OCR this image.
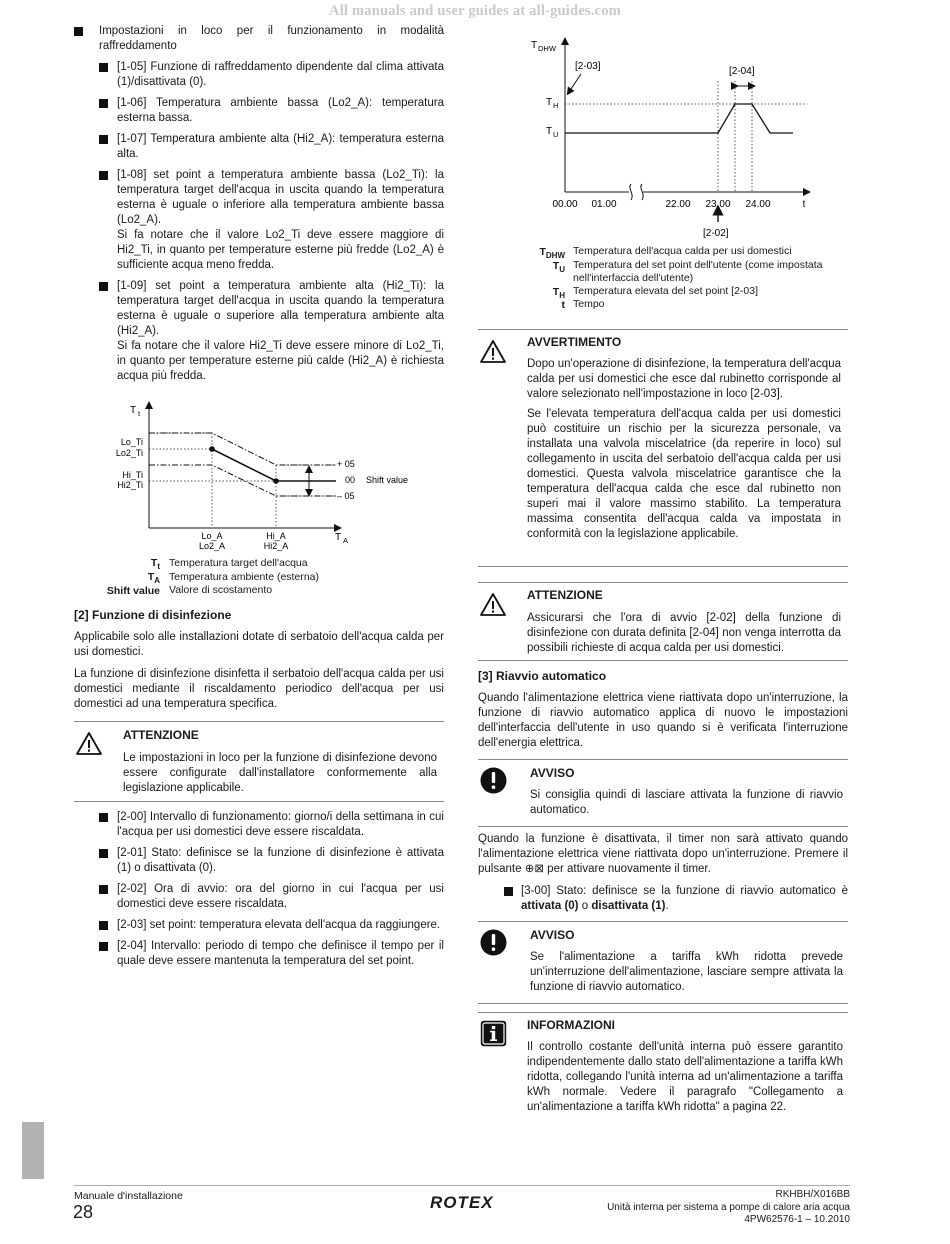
All manuals and user guides at all-guides.com
Impostazioni in loco per il funzionamento in modalità raffreddamento
[1-05] Funzione di raffreddamento dipendente dal clima attivata (1)/disattivata (0).
[1-06] Temperatura ambiente bassa (Lo2_A): temperatura esterna bassa.
[1-07] Temperatura ambiente alta (Hi2_A): temperatura esterna alta.
[1-08] set point a temperatura ambiente bassa (Lo2_Ti): la temperatura target dell'acqua in uscita quando la temperatura esterna è uguale o inferiore alla temperatura ambiente bassa (Lo2_A).
Si fa notare che il valore Lo2_Ti deve essere maggiore di Hi2_Ti, in quanto per temperature esterne più fredde (Lo2_A) è sufficiente acqua meno fredda.
[1-09] set point a temperatura ambiente alta (Hi2_Ti): la temperatura target dell'acqua in uscita quando la temperatura esterna è uguale o superiore alla temperatura ambiente alta (Hi2_A).
Si fa notare che il valore Hi2_Ti deve essere minore di Lo2_Ti, in quanto per temperature esterne più calde (Hi2_A) è richiesta acqua più fredda.
T t
T A
Lo_Ti
Lo2_Ti
Hi_Ti
Hi2_Ti
+ 05
00
– 05
Shift value
Lo_A
Lo2_A
Hi_A
Hi2_A
$T_t$ Temperatura target dell'acqua
$T_A$ Temperatura ambiente (esterna)
Shift value Valore di scostamento
[2] Funzione di disinfezione
Applicabile solo alle installazioni dotate di serbatoio dell'acqua calda per usi domestici.
La funzione di disinfezione disinfetta il serbatoio dell'acqua calda per usi domestici mediante il riscaldamento periodico dell'acqua per usi domestici ad una temperatura specifica.
ATTENZIONE
Le impostazioni in loco per la funzione di disinfezione devono essere configurate dall'installatore conformemente alla legislazione applicabile.
[2-00] Intervallo di funzionamento: giorno/i della settimana in cui l'acqua per usi domestici deve essere riscaldata.
[2-01] Stato: definisce se la funzione di disinfezione è attivata (1) o disattivata (0).
[2-02] Ora di avvio: ora del giorno in cui l'acqua per usi domestici deve essere riscaldata.
[2-03] set point: temperatura elevata dell'acqua da raggiungere.
[2-04] Intervallo: periodo di tempo che definisce il tempo per il quale deve essere mantenuta la temperatura del set point.
T DHW
T H
T U
[2-03]	[2-04]
[2-02]
00.00 01.00	22.00 23.00 24.00	t
$T_{DHW}$ Temperatura dell'acqua calda per usi domestici
$T_U$ Temperatura del set point dell'utente (come impostata nell'interfaccia dell'utente)
$T_H$ Temperatura elevata del set point [2-03]
t Tempo
AVVERTIMENTO
Dopo un'operazione di disinfezione, la temperatura dell'acqua calda per usi domestici che esce dal rubinetto corrisponde al valore selezionato nell'impostazione in loco [2-03].
Se l'elevata temperatura dell'acqua calda per usi domestici può costituire un rischio per la sicurezza personale, va installata una valvola miscelatrice (da reperire in loco) sul collegamento in uscita del serbatoio dell'acqua calda per usi domestici. Questa valvola miscelatrice garantisce che la temperatura dell'acqua calda che esce dal rubinetto non superi mai il valore massimo stabilito. La temperatura massima consentita dell'acqua calda va impostata in conformità con la legislazione applicabile.
ATTENZIONE
Assicurarsi che l'ora di avvio [2-02] della funzione di disinfezione con durata definita [2-04] non venga interrotta da possibili richieste di acqua calda per usi domestici.
[3] Riavvio automatico
Quando l'alimentazione elettrica viene riattivata dopo un'interruzione, la funzione di riavvio automatico applica di nuovo le impostazioni dell'interfaccia dell'utente in uso quando si è verificata l'interruzione dell'energia elettrica.
AVVISO
Si consiglia quindi di lasciare attivata la funzione di riavvio automatico.
Quando la funzione è disattivata, il timer non sarà attivato quando l'alimentazione elettrica viene riattivata dopo un'interruzione. Premere il pulsante ⊕⊠ per attivare nuovamente il timer.
[3-00] Stato: definisce se la funzione di riavvio automatico è attivata (0) o disattivata (1).
AVVISO
Se l'alimentazione a tariffa kWh ridotta prevede un'interruzione dell'alimentazione, lasciare sempre attivata la funzione di riavvio automatico.
INFORMAZIONI
Il controllo costante dell'unità interna può essere garantito indipendentemente dallo stato dell'alimentazione a tariffa kWh ridotta, collegando l'unità interna ad un'alimentazione a tariffa kWh normale. Vedere il paragrafo "Collegamento a un'alimentazione a tariffa kWh ridotta" a pagina 22.
Manuale d'installazione
28	ROTEX	RKHBH/X016BB
Unità interna per sistema a pompe di calore aria acqua
4PW62576-1 – 10.2010
